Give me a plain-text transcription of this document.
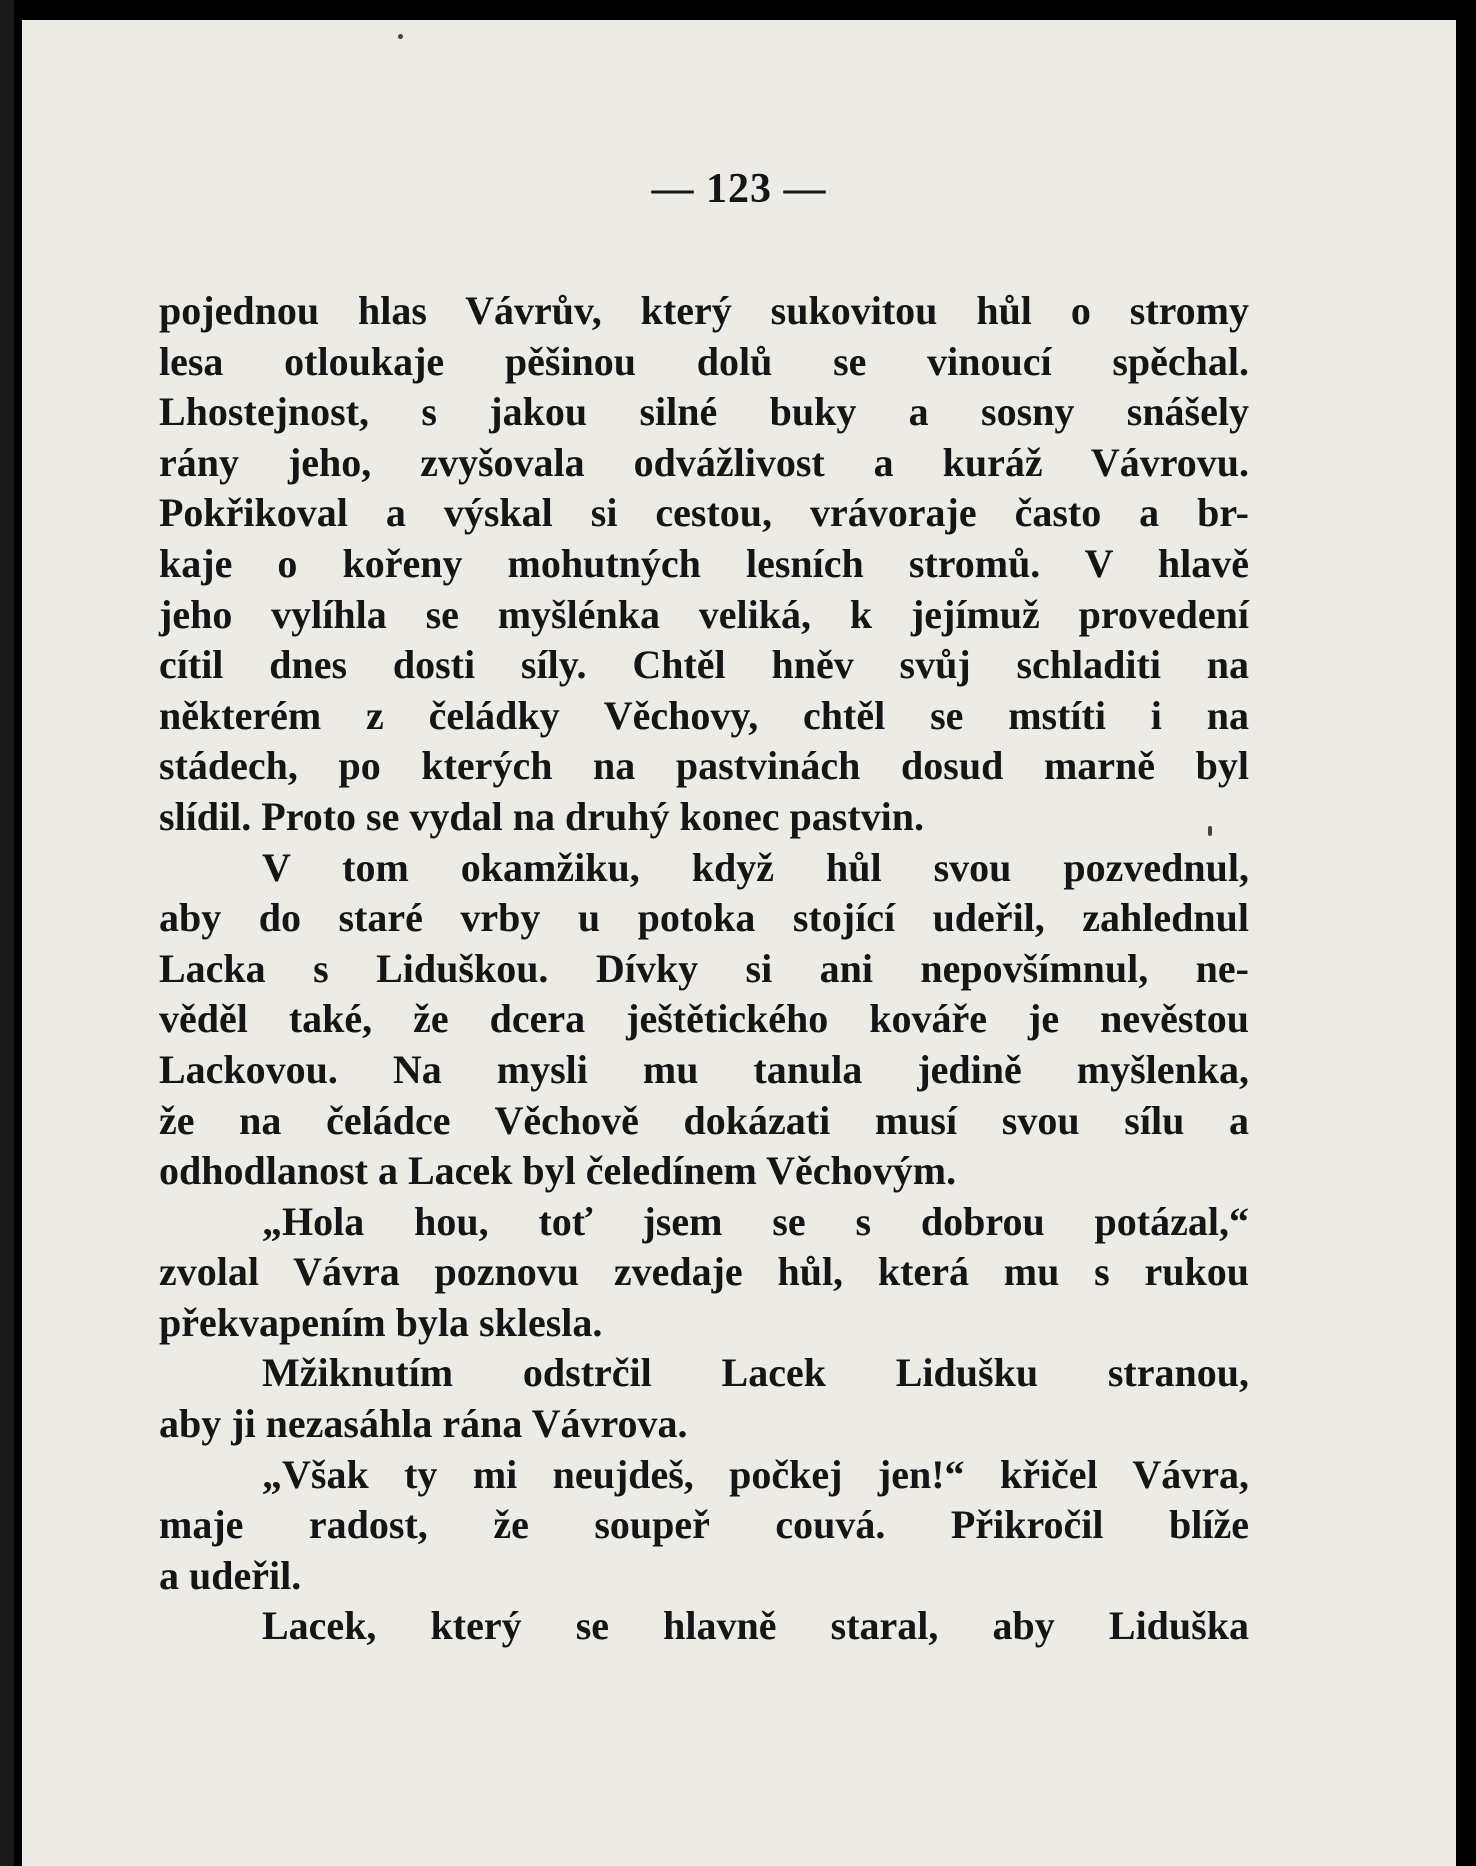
— 123 —
pojednou hlas Vávrův, který sukovitou hůl o stromy
lesa otloukaje pěšinou dolů se vinoucí spěchal.
Lhostejnost, s jakou silné buky a sosny snášely
rány jeho, zvyšovala odvážlivost a kuráž Vávrovu.
Pokřikoval a výskal si cestou, vrávoraje často a br-
kaje o kořeny mohutných lesních stromů. V hlavě
jeho vylíhla se myšlénka veliká, k jejímuž provedení
cítil dnes dosti síly. Chtěl hněv svůj schladiti na
některém z čeládky Věchovy, chtěl se mstíti i na
stádech, po kterých na pastvinách dosud marně byl
slídil. Proto se vydal na druhý konec pastvin.
V tom okamžiku, když hůl svou pozvednul,
aby do staré vrby u potoka stojící udeřil, zahlednul
Lacka s Liduškou. Dívky si ani nepovšímnul, ne-
věděl také, že dcera ještětického kováře je nevěstou
Lackovou. Na mysli mu tanula jedině myšlenka,
že na čeládce Věchově dokázati musí svou sílu a
odhodlanost a Lacek byl čeledínem Věchovým.
„Hola hou, toť jsem se s dobrou potázal,“
zvolal Vávra poznovu zvedaje hůl, která mu s rukou
překvapením byla sklesla.
Mžiknutím odstrčil Lacek Lidušku stranou,
aby ji nezasáhla rána Vávrova.
„Však ty mi neujdeš, počkej jen!“ křičel Vávra,
maje radost, že soupeř couvá. Přikročil blíže
a udeřil.
Lacek, který se hlavně staral, aby Liduška
